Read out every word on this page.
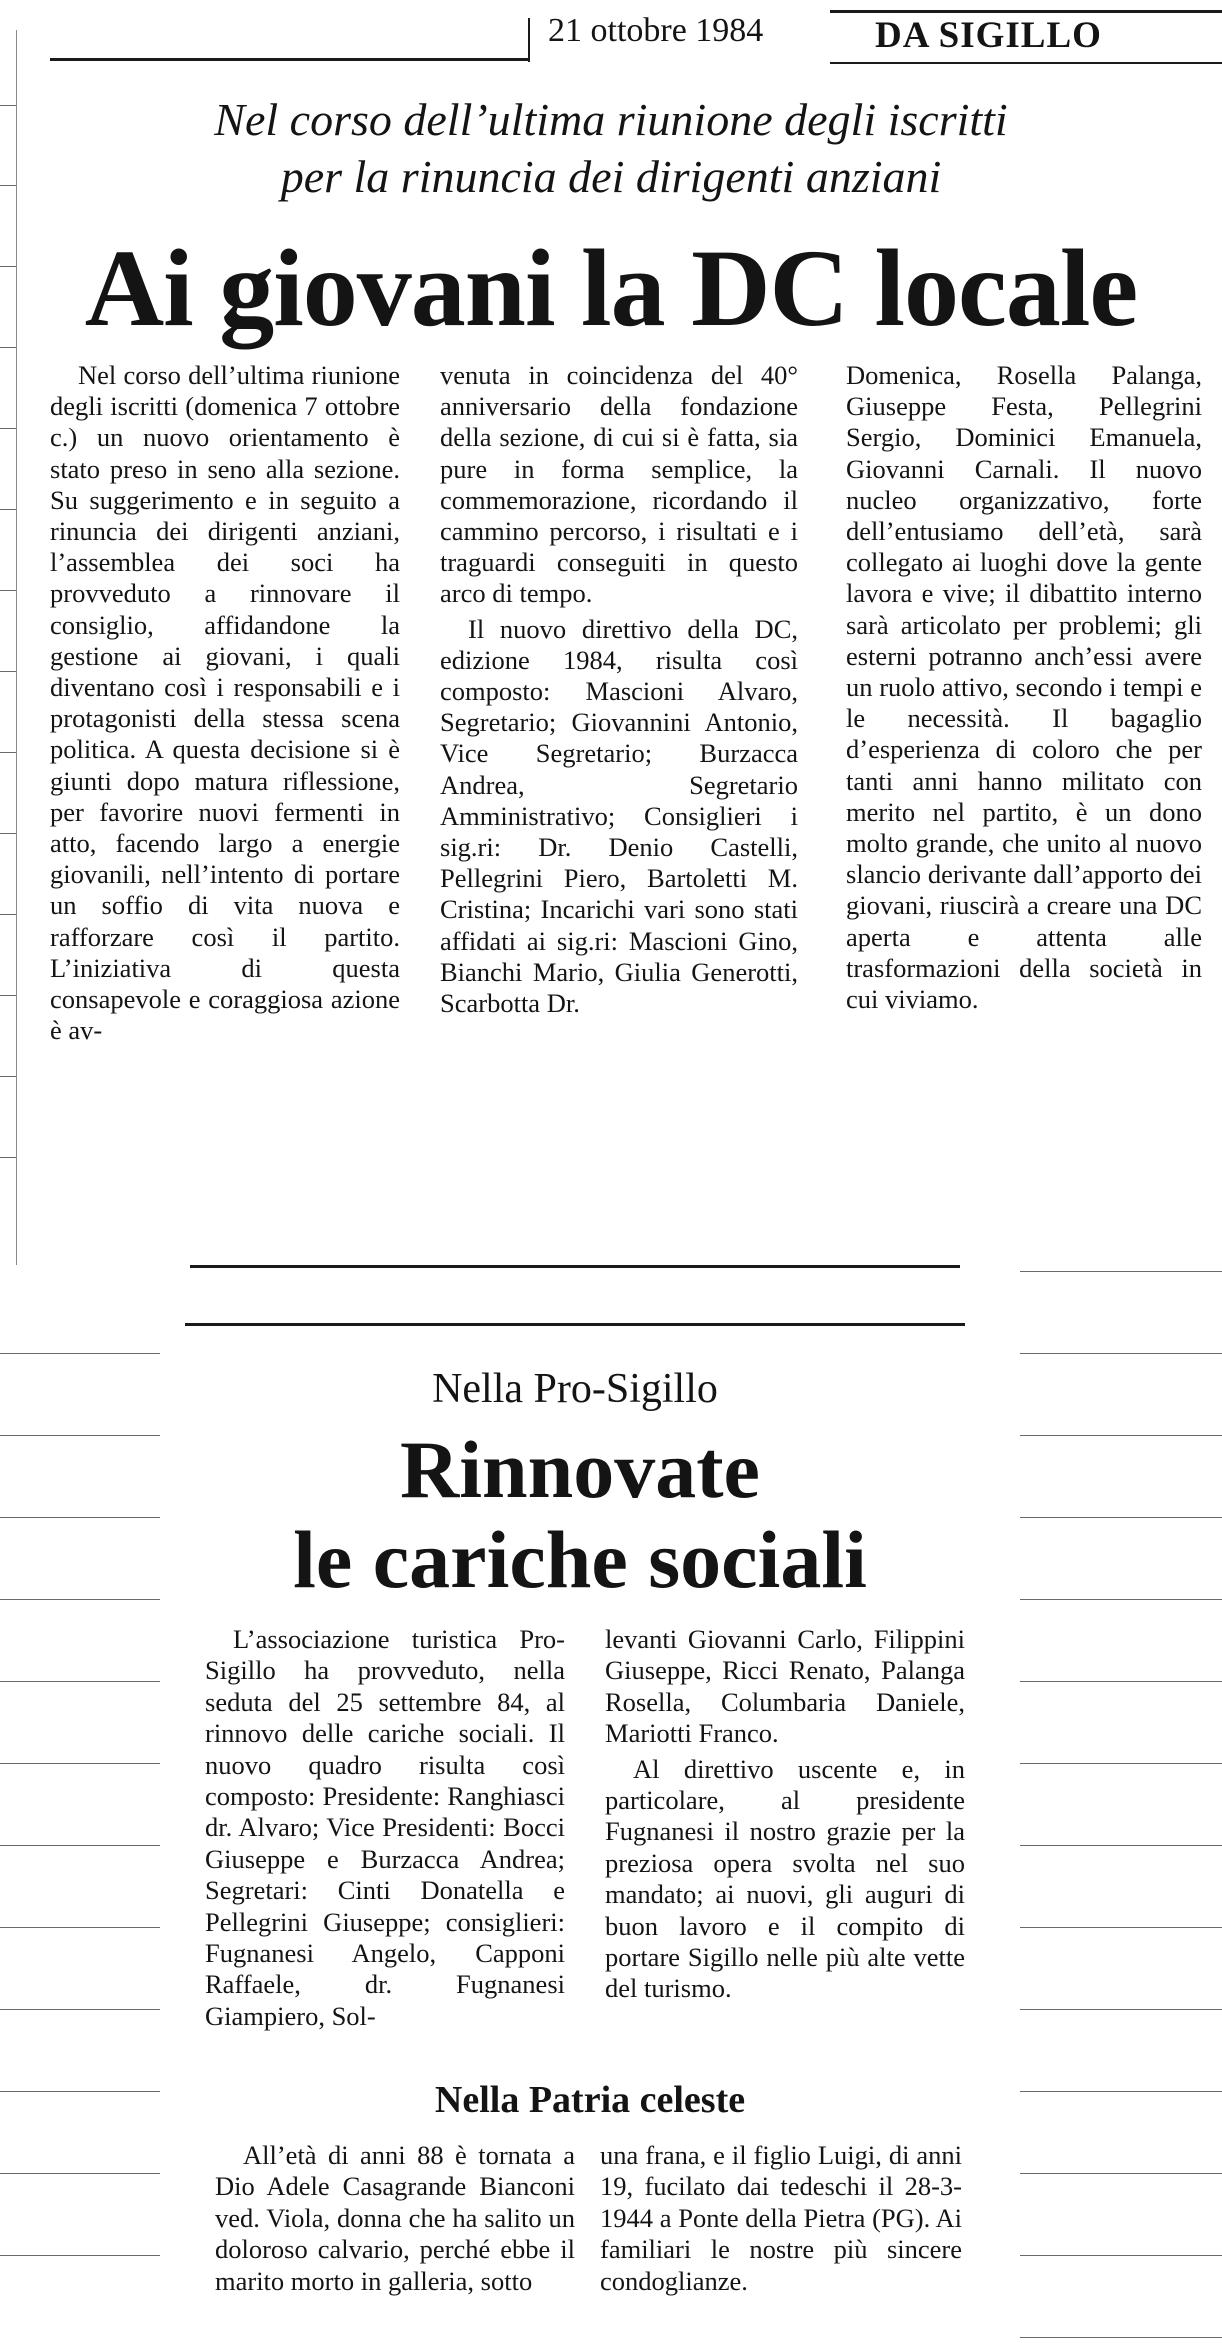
21 ottobre 1984	DA SIGILLO
Nel corso dell’ultima riunione degli iscritti
per la rinuncia dei dirigenti anziani
Ai giovani la DC locale

Nel corso dell’ultima riunione degli iscritti (domenica 7 ottobre c.) un nuovo orientamento è stato preso in seno alla sezione. Su suggerimento e in seguito a rinuncia dei dirigenti anziani, l’assemblea dei soci ha provveduto a rinnovare il consiglio, affidandone la gestione ai giovani, i quali diventano così i responsabili e i protagonisti della stessa scena politica. A questa decisione si è giunti dopo matura riflessione, per favorire nuovi fermenti in atto, facendo largo a energie giovanili, nell’intento di portare un soffio di vita nuova e rafforzare così il partito. L’iniziativa di questa consapevole e coraggiosa azione è av-

venuta in coincidenza del 40° anniversario della fondazione della sezione, di cui si è fatta, sia pure in forma semplice, la commemorazione, ricordando il cammino percorso, i risultati e i traguardi conseguiti in questo arco di tempo.

Il nuovo direttivo della DC, edizione 1984, risulta così composto: Mascioni Alvaro, Segretario; Giovannini Antonio, Vice Segretario; Burzacca Andrea, Segretario Amministrativo; Consiglieri i sig.ri: Dr. Denio Castelli, Pellegrini Piero, Bartoletti M. Cristina; Incarichi vari sono stati affidati ai sig.ri: Mascioni Gino, Bianchi Mario, Giulia Generotti, Scarbotta Dr.

Domenica, Rosella Palanga, Giuseppe Festa, Pellegrini Sergio, Dominici Emanuela, Giovanni Carnali. Il nuovo nucleo organizzativo, forte dell’entusiamo dell’età, sarà collegato ai luoghi dove la gente lavora e vive; il dibattito interno sarà articolato per problemi; gli esterni potranno anch’essi avere un ruolo attivo, secondo i tempi e le necessità. Il bagaglio d’esperienza di coloro che per tanti anni hanno militato con merito nel partito, è un dono molto grande, che unito al nuovo slancio derivante dall’apporto dei giovani, riuscirà a creare una DC aperta e attenta alle trasformazioni della società in cui viviamo.

Nella Pro-Sigillo
Rinnovate
le cariche sociali

L’associazione turistica Pro-Sigillo ha provveduto, nella seduta del 25 settembre 84, al rinnovo delle cariche sociali. Il nuovo quadro risulta così composto: Presidente: Ranghiasci dr. Alvaro; Vice Presidenti: Bocci Giuseppe e Burzacca Andrea; Segretari: Cinti Donatella e Pellegrini Giuseppe; consiglieri: Fugnanesi Angelo, Capponi Raffaele, dr. Fugnanesi Giampiero, Sol-

levanti Giovanni Carlo, Filippini Giuseppe, Ricci Renato, Palanga Rosella, Columbaria Daniele, Mariotti Franco.

Al direttivo uscente e, in particolare, al presidente Fugnanesi il nostro grazie per la preziosa opera svolta nel suo mandato; ai nuovi, gli auguri di buon lavoro e il compito di portare Sigillo nelle più alte vette del turismo.

Nella Patria celeste

All’età di anni 88 è tornata a Dio Adele Casagrande Bianconi ved. Viola, donna che ha salito un doloroso calvario, perché ebbe il marito morto in galleria, sotto

una frana, e il figlio Luigi, di anni 19, fucilato dai tedeschi il 28-3-1944 a Ponte della Pietra (PG). Ai familiari le nostre più sincere condoglianze.
